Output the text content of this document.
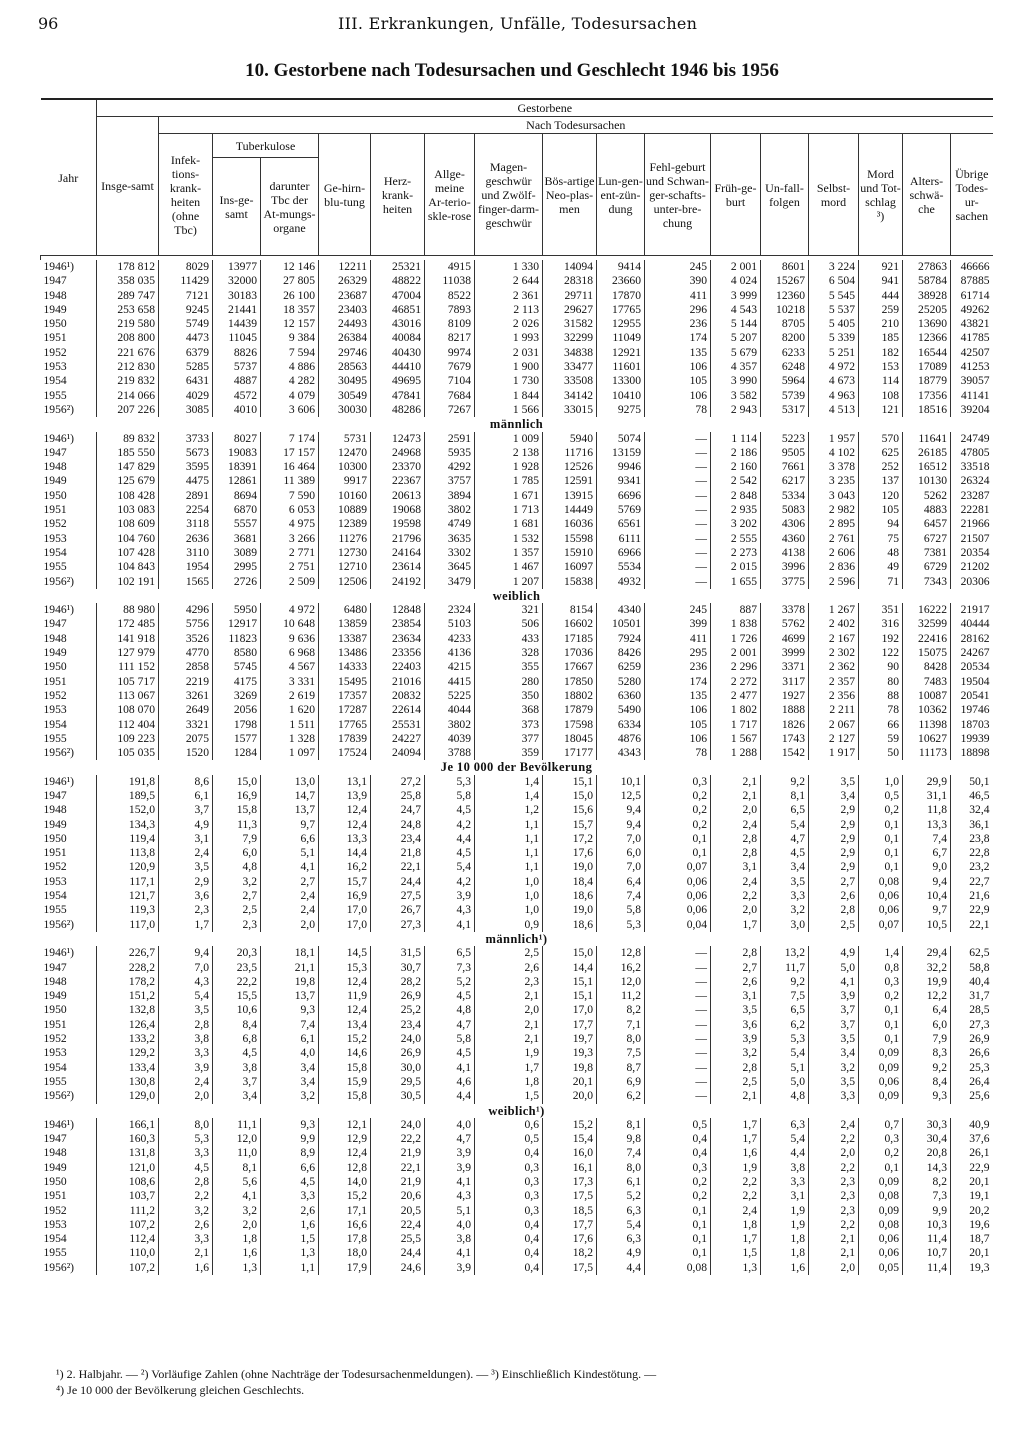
96	III. Erkrankungen, Unfälle, Todesursachen
10. Gestorbene nach Todesursachen und Geschlecht 1946 bis 1956
Jahr	Gestorbene																
	Insge-samt	Nach Todesursachen															
		Infek-tions-krank-heiten (ohne Tbc)	Tuberkulose		Ge-hirn-blu-tung	Herz-krank-heiten	Allge-meine Ar-terio-skle-rose	Magen-geschwür und Zwölf-finger-darm-geschwür	Bös-artige Neo-plas-men	Lun-gen-ent-zün-dung	Fehl-geburt und Schwan-ger-schafts-unter-bre-chung	Früh-ge-burt	Un-fall-folgen	Selbst-mord	Mord und Tot-schlag ³)	Alters-schwä-che	Übrige Todes-ur-sachen
			Ins-ge-samt	darunter Tbc der At-mungs-organe													

1946¹)	178 812	8029	13977	12 146	12211	25321	4915	1 330	14094	9414	245	2 001	8601	3 224	921	27863	46666
1947	358 035	11429	32000	27 805	26329	48822	11038	2 644	28318	23660	390	4 024	15267	6 504	941	58784	87885
1948	289 747	7121	30183	26 100	23687	47004	8522	2 361	29711	17870	411	3 999	12360	5 545	444	38928	61714
1949	253 658	9245	21441	18 357	23403	46851	7893	2 113	29627	17765	296	4 543	10218	5 537	259	25205	49262
1950	219 580	5749	14439	12 157	24493	43016	8109	2 026	31582	12955	236	5 144	8705	5 405	210	13690	43821
1951	208 800	4473	11045	9 384	26384	40084	8217	1 993	32299	11049	174	5 207	8200	5 339	185	12366	41785
1952	221 676	6379	8826	7 594	29746	40430	9974	2 031	34838	12921	135	5 679	6233	5 251	182	16544	42507
1953	212 830	5285	5737	4 886	28563	44410	7679	1 900	33477	11601	106	4 357	6248	4 972	153	17089	41253
1954	219 832	6431	4887	4 282	30495	49695	7104	1 730	33508	13300	105	3 990	5964	4 673	114	18779	39057
1955	214 066	4029	4572	4 079	30549	47841	7684	1 844	34142	10410	106	3 582	5739	4 963	108	17356	41141
1956²)	207 226	3085	4010	3 606	30030	48286	7267	1 566	33015	9275	78	2 943	5317	4 513	121	18516	39204
männlich																	
1946¹)	89 832	3733	8027	7 174	5731	12473	2591	1 009	5940	5074	—	1 114	5223	1 957	570	11641	24749
1947	185 550	5673	19083	17 157	12470	24968	5935	2 138	11716	13159	—	2 186	9505	4 102	625	26185	47805
1948	147 829	3595	18391	16 464	10300	23370	4292	1 928	12526	9946	—	2 160	7661	3 378	252	16512	33518
1949	125 679	4475	12861	11 389	9917	22367	3757	1 785	12591	9341	—	2 542	6217	3 235	137	10130	26324
1950	108 428	2891	8694	7 590	10160	20613	3894	1 671	13915	6696	—	2 848	5334	3 043	120	5262	23287
1951	103 083	2254	6870	6 053	10889	19068	3802	1 713	14449	5769	—	2 935	5083	2 982	105	4883	22281
1952	108 609	3118	5557	4 975	12389	19598	4749	1 681	16036	6561	—	3 202	4306	2 895	94	6457	21966
1953	104 760	2636	3681	3 266	11276	21796	3635	1 532	15598	6111	—	2 555	4360	2 761	75	6727	21507
1954	107 428	3110	3089	2 771	12730	24164	3302	1 357	15910	6966	—	2 273	4138	2 606	48	7381	20354
1955	104 843	1954	2995	2 751	12710	23614	3645	1 467	16097	5534	—	2 015	3996	2 836	49	6729	21202
1956²)	102 191	1565	2726	2 509	12506	24192	3479	1 207	15838	4932	—	1 655	3775	2 596	71	7343	20306
weiblich																	
1946¹)	88 980	4296	5950	4 972	6480	12848	2324	321	8154	4340	245	887	3378	1 267	351	16222	21917
1947	172 485	5756	12917	10 648	13859	23854	5103	506	16602	10501	399	1 838	5762	2 402	316	32599	40444
1948	141 918	3526	11823	9 636	13387	23634	4233	433	17185	7924	411	1 726	4699	2 167	192	22416	28162
1949	127 979	4770	8580	6 968	13486	23356	4136	328	17036	8426	295	2 001	3999	2 302	122	15075	24267
1950	111 152	2858	5745	4 567	14333	22403	4215	355	17667	6259	236	2 296	3371	2 362	90	8428	20534
1951	105 717	2219	4175	3 331	15495	21016	4415	280	17850	5280	174	2 272	3117	2 357	80	7483	19504
1952	113 067	3261	3269	2 619	17357	20832	5225	350	18802	6360	135	2 477	1927	2 356	88	10087	20541
1953	108 070	2649	2056	1 620	17287	22614	4044	368	17879	5490	106	1 802	1888	2 211	78	10362	19746
1954	112 404	3321	1798	1 511	17765	25531	3802	373	17598	6334	105	1 717	1826	2 067	66	11398	18703
1955	109 223	2075	1577	1 328	17839	24227	4039	377	18045	4876	106	1 567	1743	2 127	59	10627	19939
1956²)	105 035	1520	1284	1 097	17524	24094	3788	359	17177	4343	78	1 288	1542	1 917	50	11173	18898
Je 10 000 der Bevölkerung																	
1946¹)	191,8	8,6	15,0	13,0	13,1	27,2	5,3	1,4	15,1	10,1	0,3	2,1	9,2	3,5	1,0	29,9	50,1
1947	189,5	6,1	16,9	14,7	13,9	25,8	5,8	1,4	15,0	12,5	0,2	2,1	8,1	3,4	0,5	31,1	46,5
1948	152,0	3,7	15,8	13,7	12,4	24,7	4,5	1,2	15,6	9,4	0,2	2,0	6,5	2,9	0,2	11,8	32,4
1949	134,3	4,9	11,3	9,7	12,4	24,8	4,2	1,1	15,7	9,4	0,2	2,4	5,4	2,9	0,1	13,3	36,1
1950	119,4	3,1	7,9	6,6	13,3	23,4	4,4	1,1	17,2	7,0	0,1	2,8	4,7	2,9	0,1	7,4	23,8
1951	113,8	2,4	6,0	5,1	14,4	21,8	4,5	1,1	17,6	6,0	0,1	2,8	4,5	2,9	0,1	6,7	22,8
1952	120,9	3,5	4,8	4,1	16,2	22,1	5,4	1,1	19,0	7,0	0,07	3,1	3,4	2,9	0,1	9,0	23,2
1953	117,1	2,9	3,2	2,7	15,7	24,4	4,2	1,0	18,4	6,4	0,06	2,4	3,5	2,7	0,08	9,4	22,7
1954	121,7	3,6	2,7	2,4	16,9	27,5	3,9	1,0	18,6	7,4	0,06	2,2	3,3	2,6	0,06	10,4	21,6
1955	119,3	2,3	2,5	2,4	17,0	26,7	4,3	1,0	19,0	5,8	0,06	2,0	3,2	2,8	0,06	9,7	22,9
1956²)	117,0	1,7	2,3	2,0	17,0	27,3	4,1	0,9	18,6	5,3	0,04	1,7	3,0	2,5	0,07	10,5	22,1
männlich¹)																	
1946¹)	226,7	9,4	20,3	18,1	14,5	31,5	6,5	2,5	15,0	12,8	—	2,8	13,2	4,9	1,4	29,4	62,5
1947	228,2	7,0	23,5	21,1	15,3	30,7	7,3	2,6	14,4	16,2	—	2,7	11,7	5,0	0,8	32,2	58,8
1948	178,2	4,3	22,2	19,8	12,4	28,2	5,2	2,3	15,1	12,0	—	2,6	9,2	4,1	0,3	19,9	40,4
1949	151,2	5,4	15,5	13,7	11,9	26,9	4,5	2,1	15,1	11,2	—	3,1	7,5	3,9	0,2	12,2	31,7
1950	132,8	3,5	10,6	9,3	12,4	25,2	4,8	2,0	17,0	8,2	—	3,5	6,5	3,7	0,1	6,4	28,5
1951	126,4	2,8	8,4	7,4	13,4	23,4	4,7	2,1	17,7	7,1	—	3,6	6,2	3,7	0,1	6,0	27,3
1952	133,2	3,8	6,8	6,1	15,2	24,0	5,8	2,1	19,7	8,0	—	3,9	5,3	3,5	0,1	7,9	26,9
1953	129,2	3,3	4,5	4,0	14,6	26,9	4,5	1,9	19,3	7,5	—	3,2	5,4	3,4	0,09	8,3	26,6
1954	133,4	3,9	3,8	3,4	15,8	30,0	4,1	1,7	19,8	8,7	—	2,8	5,1	3,2	0,09	9,2	25,3
1955	130,8	2,4	3,7	3,4	15,9	29,5	4,6	1,8	20,1	6,9	—	2,5	5,0	3,5	0,06	8,4	26,4
1956²)	129,0	2,0	3,4	3,2	15,8	30,5	4,4	1,5	20,0	6,2	—	2,1	4,8	3,3	0,09	9,3	25,6
weiblich¹)																	
1946¹)	166,1	8,0	11,1	9,3	12,1	24,0	4,0	0,6	15,2	8,1	0,5	1,7	6,3	2,4	0,7	30,3	40,9
1947	160,3	5,3	12,0	9,9	12,9	22,2	4,7	0,5	15,4	9,8	0,4	1,7	5,4	2,2	0,3	30,4	37,6
1948	131,8	3,3	11,0	8,9	12,4	21,9	3,9	0,4	16,0	7,4	0,4	1,6	4,4	2,0	0,2	20,8	26,1
1949	121,0	4,5	8,1	6,6	12,8	22,1	3,9	0,3	16,1	8,0	0,3	1,9	3,8	2,2	0,1	14,3	22,9
1950	108,6	2,8	5,6	4,5	14,0	21,9	4,1	0,3	17,3	6,1	0,2	2,2	3,3	2,3	0,09	8,2	20,1
1951	103,7	2,2	4,1	3,3	15,2	20,6	4,3	0,3	17,5	5,2	0,2	2,2	3,1	2,3	0,08	7,3	19,1
1952	111,2	3,2	3,2	2,6	17,1	20,5	5,1	0,3	18,5	6,3	0,1	2,4	1,9	2,3	0,09	9,9	20,2
1953	107,2	2,6	2,0	1,6	16,6	22,4	4,0	0,4	17,7	5,4	0,1	1,8	1,9	2,2	0,08	10,3	19,6
1954	112,4	3,3	1,8	1,5	17,8	25,5	3,8	0,4	17,6	6,3	0,1	1,7	1,8	2,1	0,06	11,4	18,7
1955	110,0	2,1	1,6	1,3	18,0	24,4	4,1	0,4	18,2	4,9	0,1	1,5	1,8	2,1	0,06	10,7	20,1
1956²)	107,2	1,6	1,3	1,1	17,9	24,6	3,9	0,4	17,5	4,4	0,08	1,3	1,6	2,0	0,05	11,4	19,3
¹) 2. Halbjahr. — ²) Vorläufige Zahlen (ohne Nachträge der Todesursachenmeldungen). — ³) Einschließlich Kindestötung. —
⁴) Je 10 000 der Bevölkerung gleichen Geschlechts.
